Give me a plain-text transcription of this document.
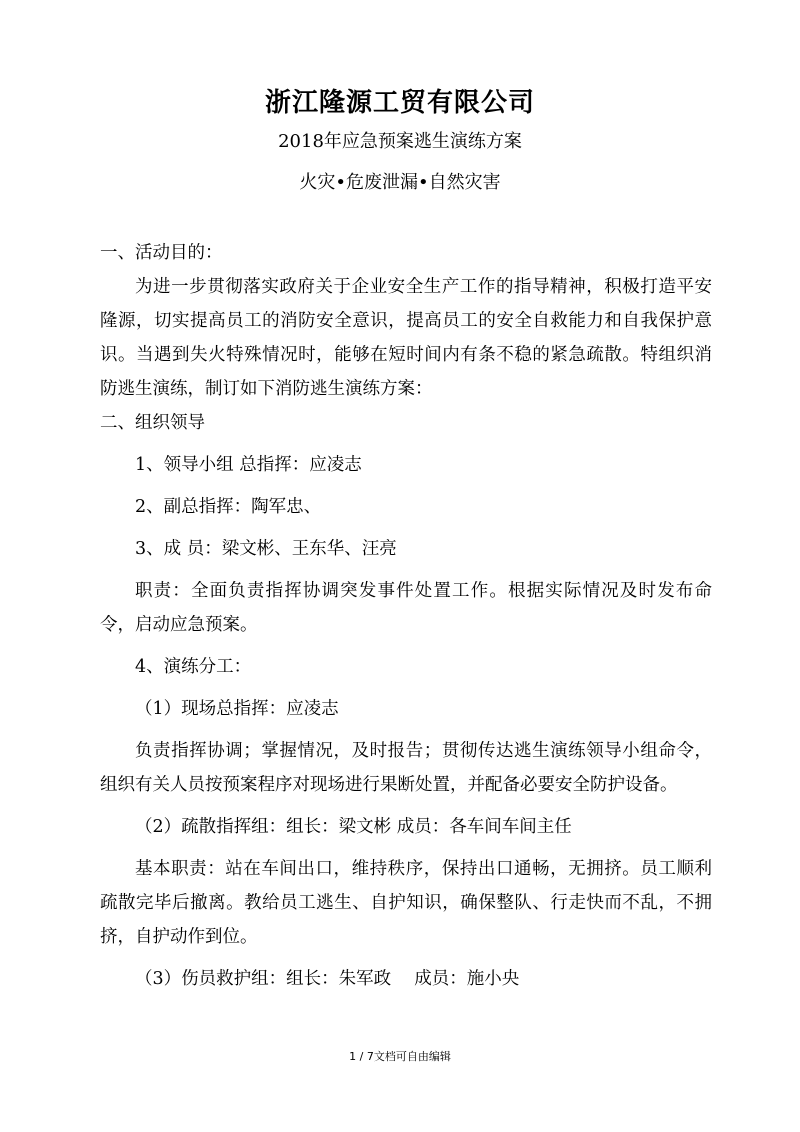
浙江隆源工贸有限公司
2018年应急预案逃生演练方案
火灾•危废泄漏•自然灾害

一、活动目的：

为进一步贯彻落实政府关于企业安全生产工作的指导精神，积极打造平安隆源，切实提高员工的消防安全意识，提高员工的安全自救能力和自我保护意识。当遇到失火特殊情况时，能够在短时间内有条不稳的紧急疏散。特组织消防逃生演练，制订如下消防逃生演练方案：

二、组织领导

1、领导小组 总指挥：应凌志

2、副总指挥：陶军忠、

3、成 员：梁文彬、王东华、汪亮

职责：全面负责指挥协调突发事件处置工作。根据实际情况及时发布命令，启动应急预案。

4、演练分工：

（1）现场总指挥：应凌志

负责指挥协调；掌握情况，及时报告；贯彻传达逃生演练领导小组命令，组织有关人员按预案程序对现场进行果断处置，并配备必要安全防护设备。

（2）疏散指挥组：组长：梁文彬 成员：各车间车间主任

基本职责：站在车间出口，维持秩序，保持出口通畅，无拥挤。员工顺利疏散完毕后撤离。教给员工逃生、自护知识，确保整队、行走快而不乱，不拥挤，自护动作到位。

（3）伤员救护组：组长：朱军政　 成员：施小央

1 / 7文档可自由编辑
